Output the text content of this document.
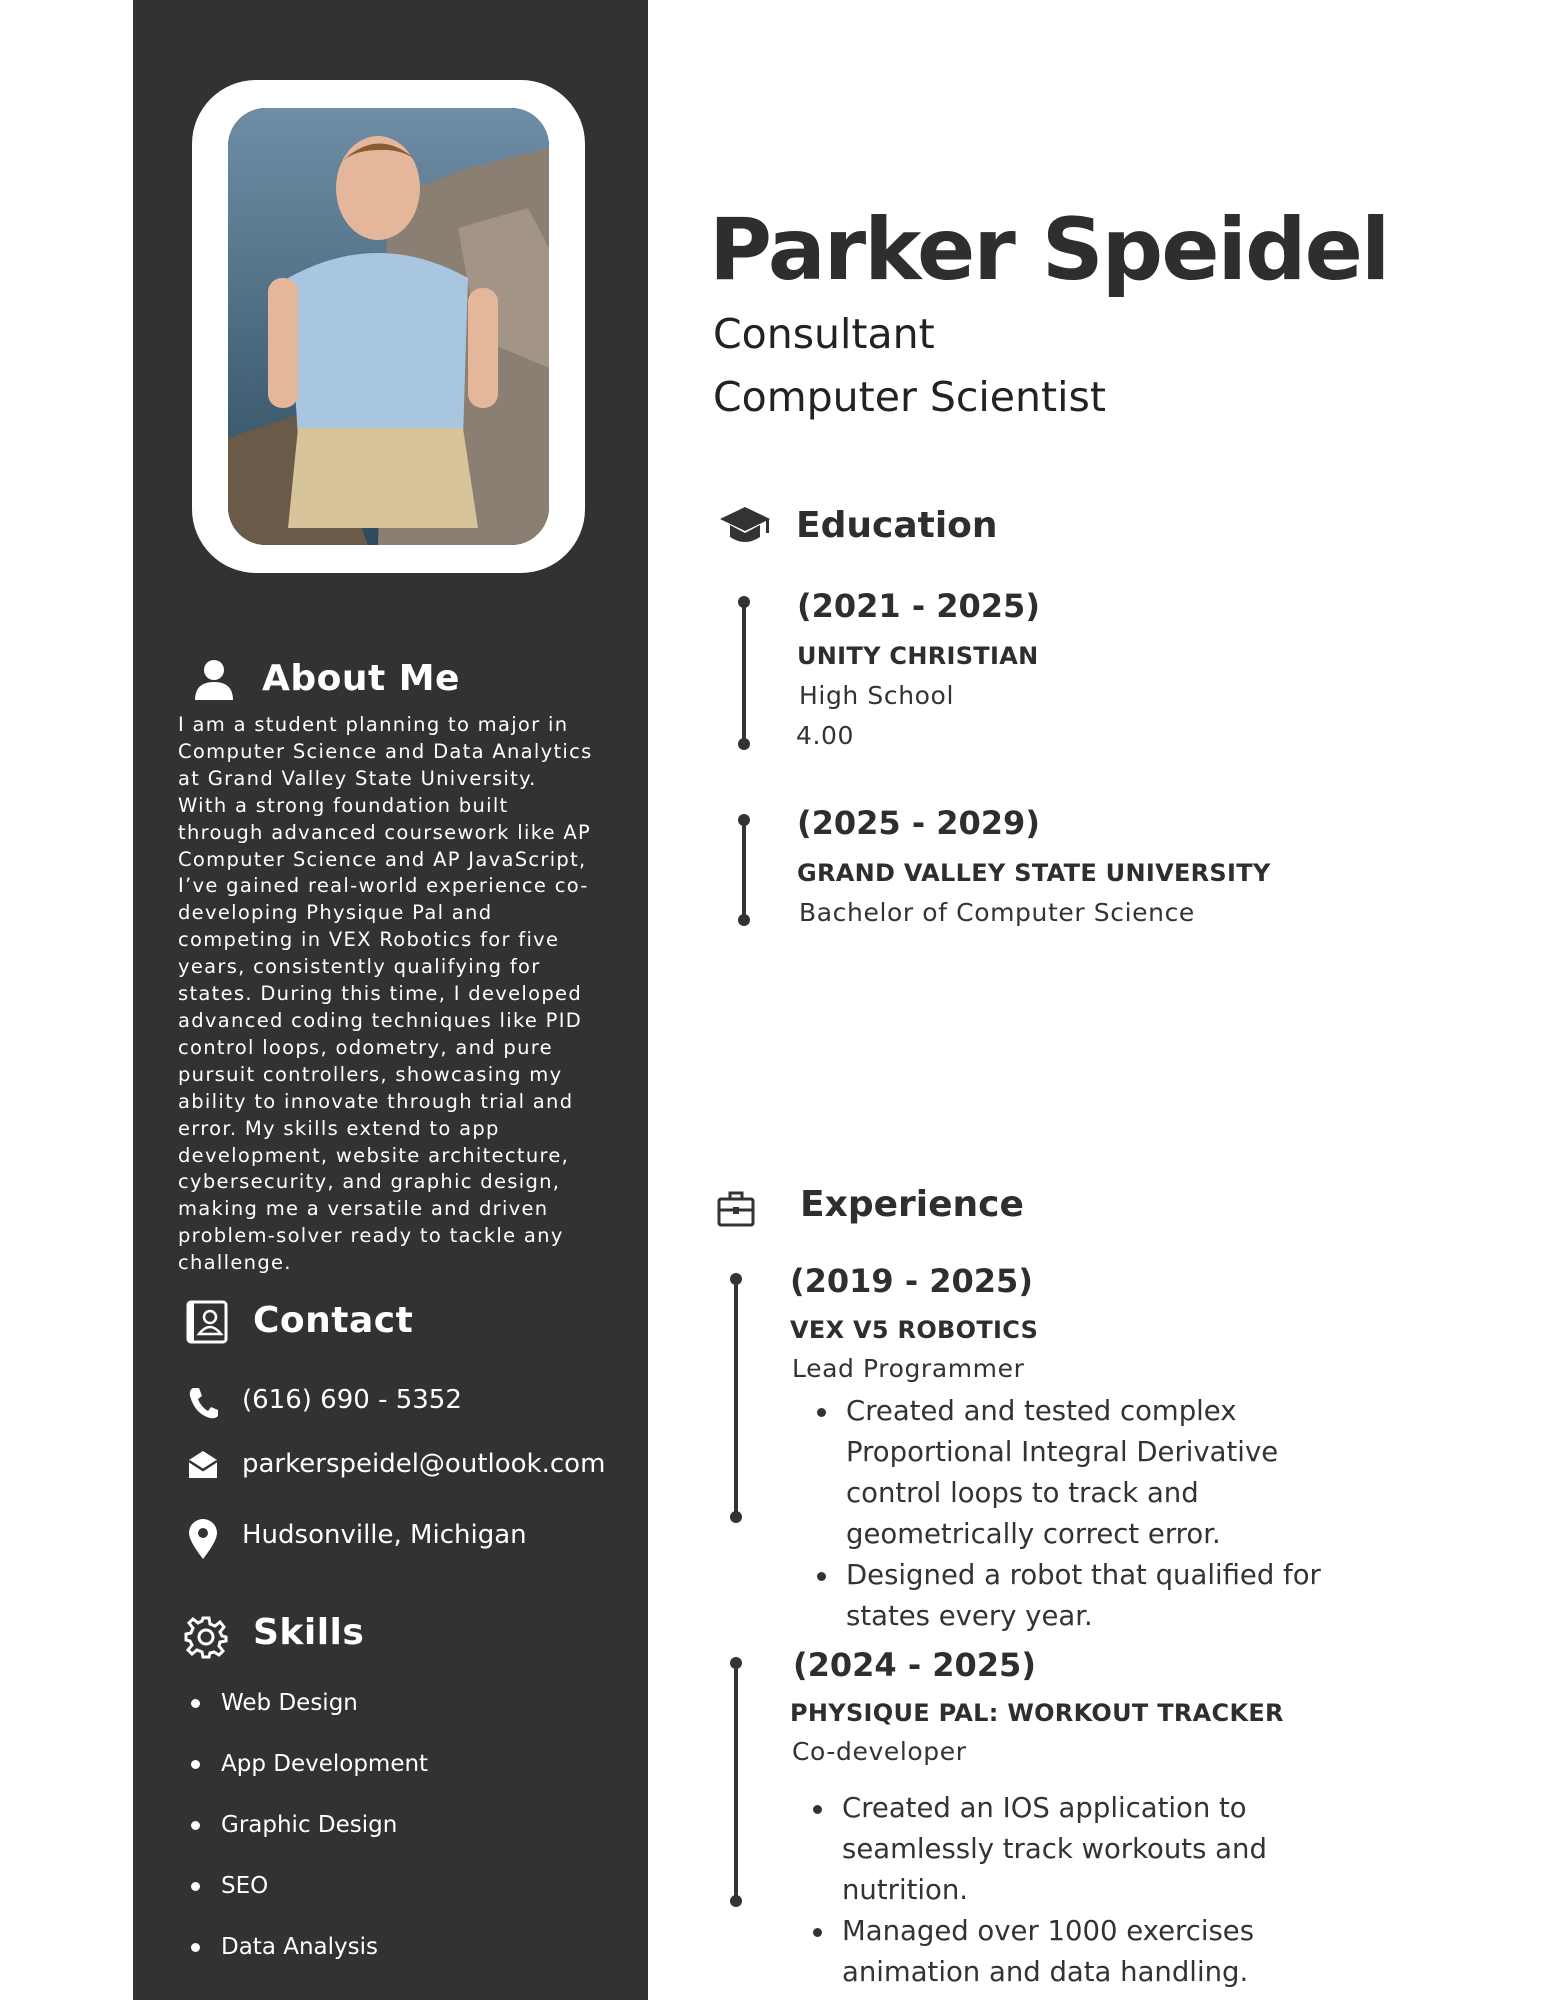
About Me
I am a student planning to major in
Computer Science and Data Analytics
at Grand Valley State University.
With a strong foundation built
through advanced coursework like AP
Computer Science and AP JavaScript,
I’ve gained real-world experience co-
developing Physique Pal and
competing in VEX Robotics for five
years, consistently qualifying for
states. During this time, I developed
advanced coding techniques like PID
control loops, odometry, and pure
pursuit controllers, showcasing my
ability to innovate through trial and
error. My skills extend to app
development, website architecture,
cybersecurity, and graphic design,
making me a versatile and driven
problem-solver ready to tackle any
challenge.
Contact
(616) 690 - 5352
parkerspeidel@outlook.com
Hudsonville, Michigan
Skills
Web Design
App Development
Graphic Design
SEO
Data Analysis
Parker Speidel
Consultant
Computer Scientist
Education
(2021 - 2025)
UNITY CHRISTIAN
High School
4.00
(2025 - 2029)
GRAND VALLEY STATE UNIVERSITY
Bachelor of Computer Science
Experience
(2019 - 2025)
VEX V5 ROBOTICS
Lead Programmer
Created and tested complex
Proportional Integral Derivative
control loops to track and
geometrically correct error.
Designed a robot that qualified for
states every year.
(2024 - 2025)
PHYSIQUE PAL: WORKOUT TRACKER
Co-developer
Created an IOS application to
seamlessly track workouts and
nutrition.
Managed over 1000 exercises
animation and data handling.
